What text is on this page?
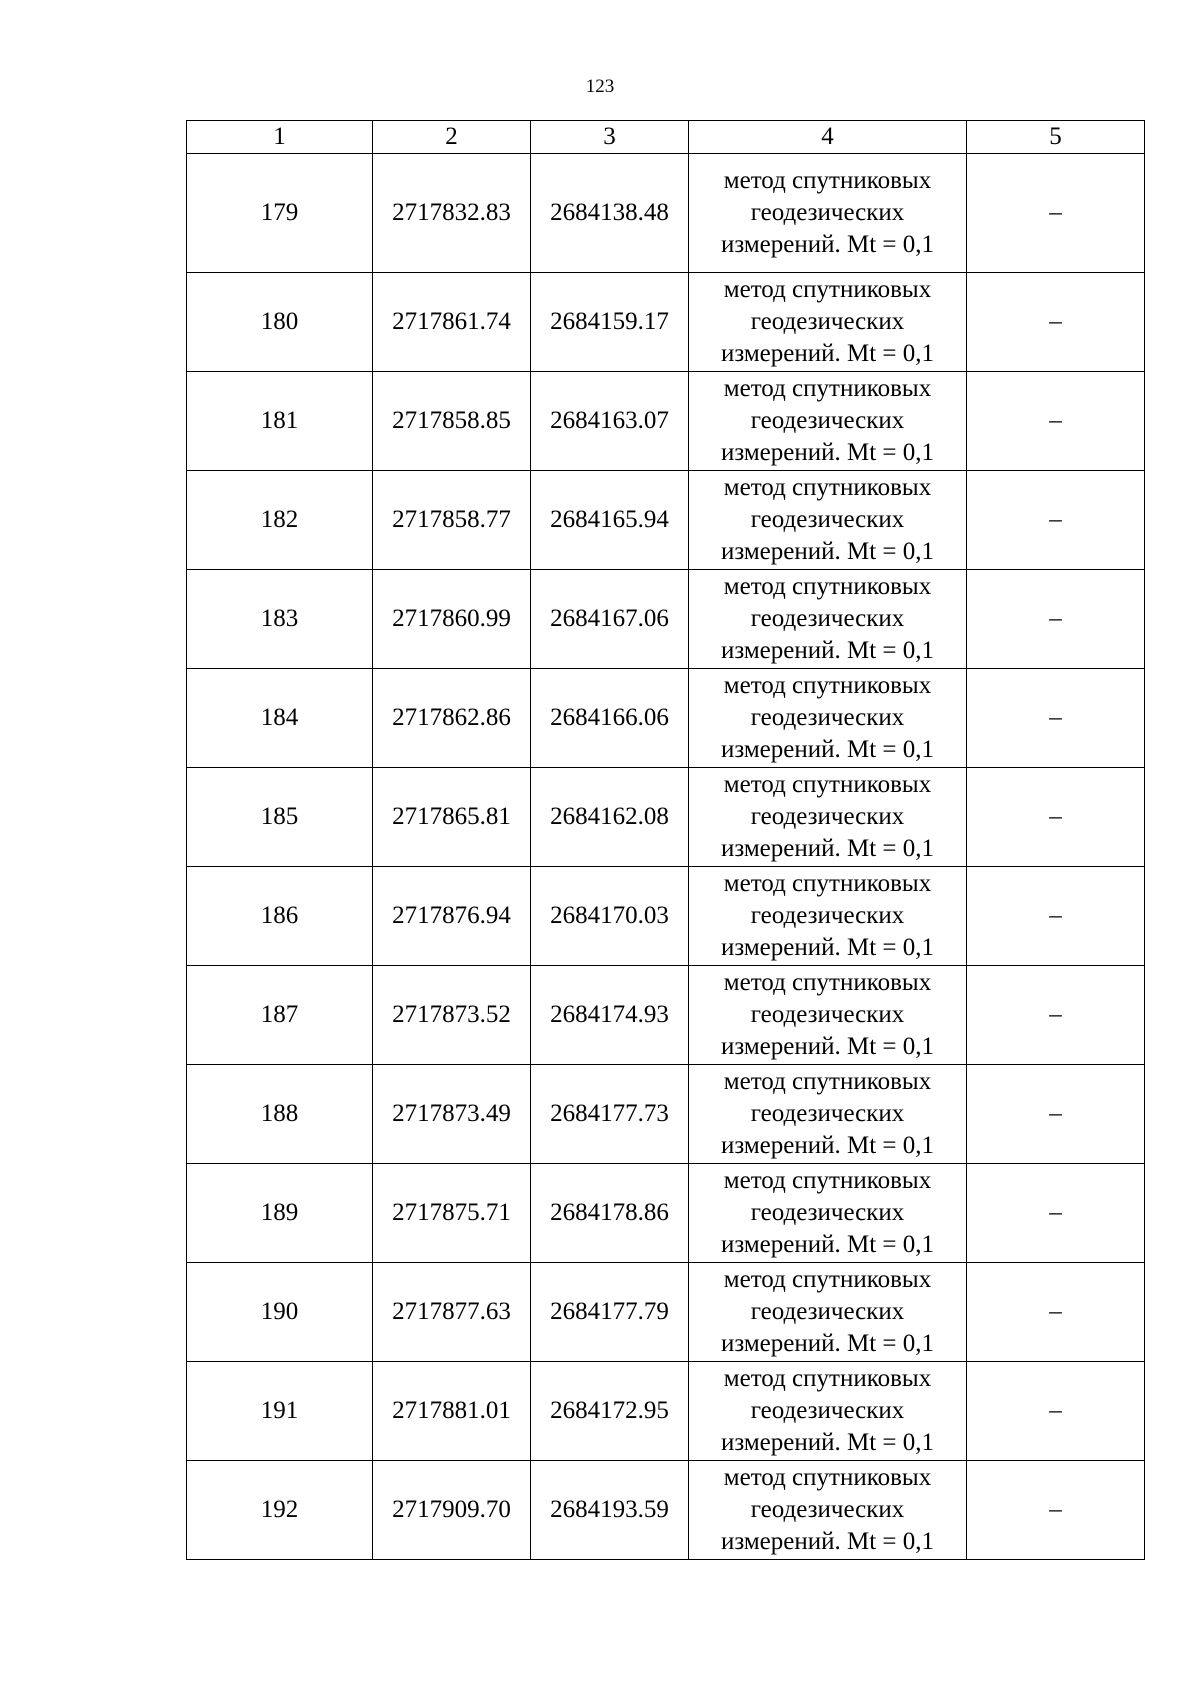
123
1	2	3	4	5
179	2717832.83	2684138.48	метод спутниковых
геодезических
измерений. Mt = 0,1	–
180	2717861.74	2684159.17	метод спутниковых
геодезических
измерений. Mt = 0,1	–
181	2717858.85	2684163.07	метод спутниковых
геодезических
измерений. Mt = 0,1	–
182	2717858.77	2684165.94	метод спутниковых
геодезических
измерений. Mt = 0,1	–
183	2717860.99	2684167.06	метод спутниковых
геодезических
измерений. Mt = 0,1	–
184	2717862.86	2684166.06	метод спутниковых
геодезических
измерений. Mt = 0,1	–
185	2717865.81	2684162.08	метод спутниковых
геодезических
измерений. Mt = 0,1	–
186	2717876.94	2684170.03	метод спутниковых
геодезических
измерений. Mt = 0,1	–
187	2717873.52	2684174.93	метод спутниковых
геодезических
измерений. Mt = 0,1	–
188	2717873.49	2684177.73	метод спутниковых
геодезических
измерений. Mt = 0,1	–
189	2717875.71	2684178.86	метод спутниковых
геодезических
измерений. Mt = 0,1	–
190	2717877.63	2684177.79	метод спутниковых
геодезических
измерений. Mt = 0,1	–
191	2717881.01	2684172.95	метод спутниковых
геодезических
измерений. Mt = 0,1	–
192	2717909.70	2684193.59	метод спутниковых
геодезических
измерений. Mt = 0,1	–
